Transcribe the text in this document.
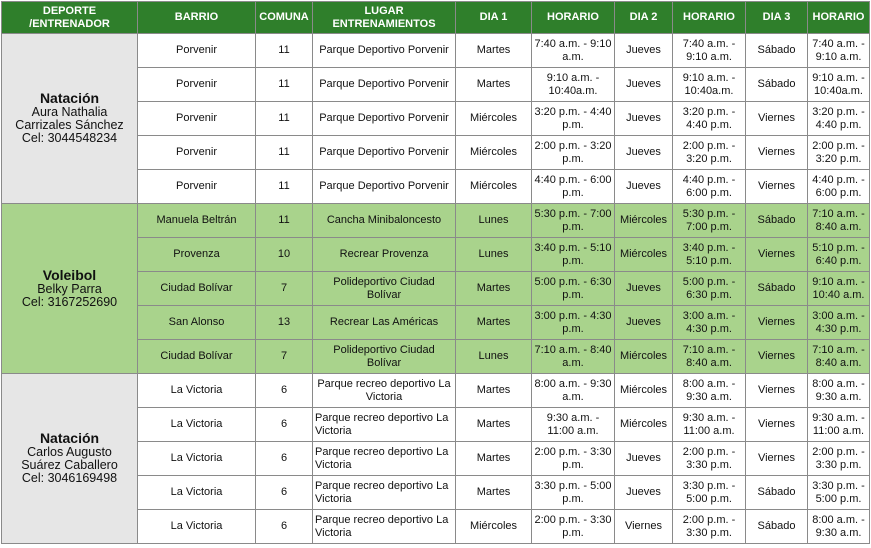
DEPORTE
/ENTRENADOR	BARRIO	COMUNA	LUGAR
ENTRENAMIENTOS	DIA 1	HORARIO	DIA 2	HORARIO	DIA 3	HORARIO

Natación
Aura Nathalia
Carrizales Sánchez
Cel: 3044548234	Porvenir	11	Parque Deportivo Porvenir	Martes	7:40 a.m. - 9:10 a.m.	Jueves	7:40 a.m. - 9:10 a.m.	Sábado	7:40 a.m. - 9:10 a.m.
	Porvenir	11	Parque Deportivo Porvenir	Martes	9:10 a.m. - 10:40a.m.	Jueves	9:10 a.m. - 10:40a.m.	Sábado	9:10 a.m. - 10:40a.m.
	Porvenir	11	Parque Deportivo Porvenir	Miércoles	3:20 p.m. - 4:40 p.m.	Jueves	3:20 p.m. - 4:40 p.m.	Viernes	3:20 p.m. - 4:40 p.m.
	Porvenir	11	Parque Deportivo Porvenir	Miércoles	2:00 p.m. - 3:20 p.m.	Jueves	2:00 p.m. - 3:20 p.m.	Viernes	2:00 p.m. - 3:20 p.m.
	Porvenir	11	Parque Deportivo Porvenir	Miércoles	4:40 p.m. - 6:00 p.m.	Jueves	4:40 p.m. - 6:00 p.m.	Viernes	4:40 p.m. - 6:00 p.m.

Voleibol
Belky Parra
Cel: 3167252690	Manuela Beltrán	11	Cancha Minibaloncesto	Lunes	5:30 p.m. - 7:00 p.m.	Miércoles	5:30 p.m. - 7:00 p.m.	Sábado	7:10 a.m. - 8:40 a.m.
	Provenza	10	Recrear Provenza	Lunes	3:40 p.m. - 5:10 p.m.	Miércoles	3:40 p.m. - 5:10 p.m.	Viernes	5:10 p.m. - 6:40 p.m.
	Ciudad Bolívar	7	Polideportivo Ciudad Bolívar	Martes	5:00 p.m. - 6:30 p.m.	Jueves	5:00 p.m. - 6:30 p.m.	Sábado	9:10 a.m. - 10:40 a.m.
	San Alonso	13	Recrear Las Américas	Martes	3:00 p.m. - 4:30 p.m.	Jueves	3:00 a.m. - 4:30 p.m.	Viernes	3:00 a.m. - 4:30 p.m.
	Ciudad Bolívar	7	Polideportivo Ciudad Bolívar	Lunes	7:10 a.m. - 8:40 a.m.	Miércoles	7:10 a.m. - 8:40 a.m.	Viernes	7:10 a.m. - 8:40 a.m.

Natación
Carlos Augusto
Suárez Caballero
Cel: 3046169498	La Victoria	6	Parque recreo deportivo La Victoria	Martes	8:00 a.m. - 9:30 a.m.	Miércoles	8:00 a.m. - 9:30 a.m.	Viernes	8:00 a.m. - 9:30 a.m.
	La Victoria	6	Parque recreo deportivo La Victoria	Martes	9:30 a.m. - 11:00 a.m.	Miércoles	9:30 a.m. - 11:00 a.m.	Viernes	9:30 a.m. - 11:00 a.m.
	La Victoria	6	Parque recreo deportivo La Victoria	Martes	2:00 p.m. - 3:30 p.m.	Jueves	2:00 p.m. - 3:30 p.m.	Viernes	2:00 p.m. - 3:30 p.m.
	La Victoria	6	Parque recreo deportivo La Victoria	Martes	3:30 p.m. - 5:00 p.m.	Jueves	3:30 p.m. - 5:00 p.m.	Sábado	3:30 p.m. - 5:00 p.m.
	La Victoria	6	Parque recreo deportivo La Victoria	Miércoles	2:00 p.m. - 3:30 p.m.	Viernes	2:00 p.m. - 3:30 p.m.	Sábado	8:00 a.m. - 9:30 a.m.
